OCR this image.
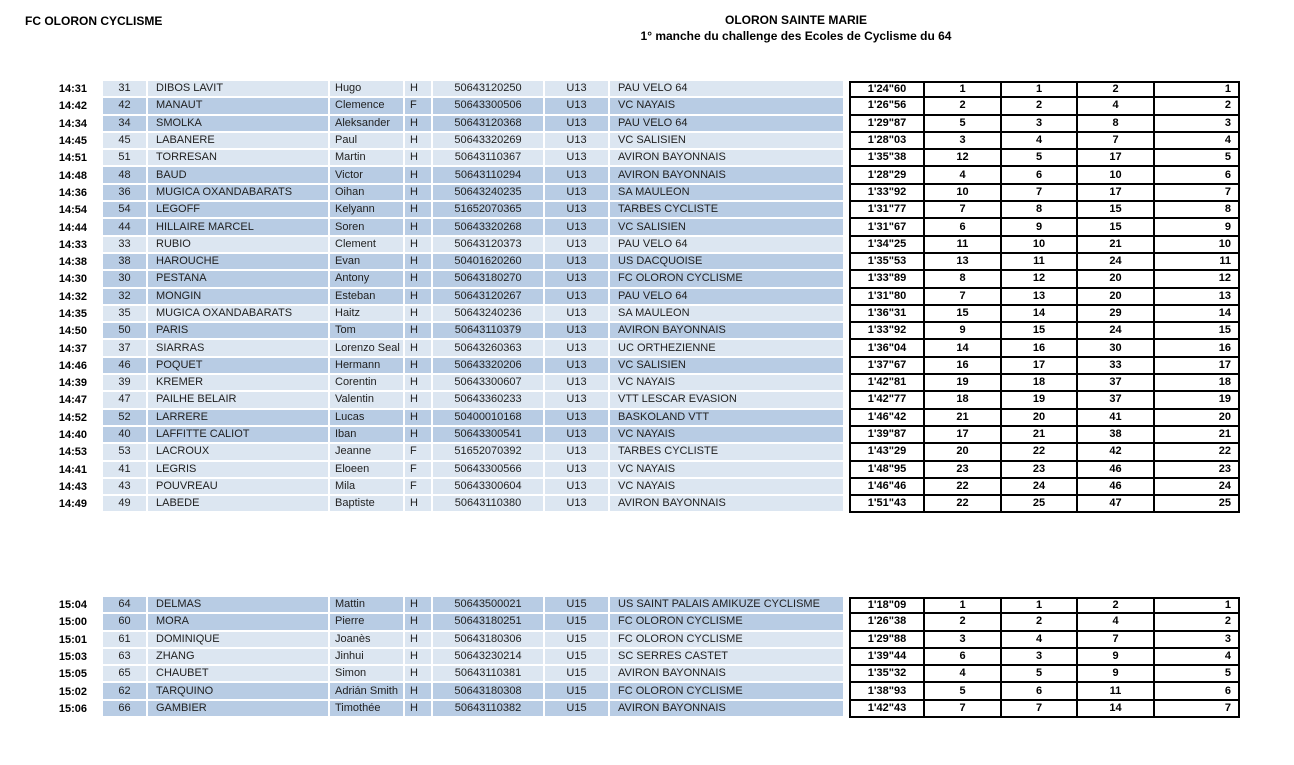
FC OLORON CYCLISME	OLORON SAINTE MARIE
1° manche du challenge des Ecoles de Cyclisme du 64
14:31	31	DIBOS LAVIT	Hugo	H	50643120250	U13	PAU VELO 64	1'24"60	1	1	2	1
14:42	42	MANAUT	Clemence	F	50643300506	U13	VC NAYAIS	1'26"56	2	2	4	2
14:34	34	SMOLKA	Aleksander	H	50643120368	U13	PAU VELO 64	1'29"87	5	3	8	3
14:45	45	LABANERE	Paul	H	50643320269	U13	VC SALISIEN	1'28"03	3	4	7	4
14:51	51	TORRESAN	Martin	H	50643110367	U13	AVIRON BAYONNAIS	1'35"38	12	5	17	5
14:48	48	BAUD	Victor	H	50643110294	U13	AVIRON BAYONNAIS	1'28"29	4	6	10	6
14:36	36	MUGICA OXANDABARATS	Oihan	H	50643240235	U13	SA MAULEON	1'33"92	10	7	17	7
14:54	54	LEGOFF	Kelyann	H	51652070365	U13	TARBES CYCLISTE	1'31"77	7	8	15	8
14:44	44	HILLAIRE MARCEL	Soren	H	50643320268	U13	VC SALISIEN	1'31"67	6	9	15	9
14:33	33	RUBIO	Clement	H	50643120373	U13	PAU VELO 64	1'34"25	11	10	21	10
14:38	38	HAROUCHE	Evan	H	50401620260	U13	US DACQUOISE	1'35"53	13	11	24	11
14:30	30	PESTANA	Antony	H	50643180270	U13	FC OLORON CYCLISME	1'33"89	8	12	20	12
14:32	32	MONGIN	Esteban	H	50643120267	U13	PAU VELO 64	1'31"80	7	13	20	13
14:35	35	MUGICA OXANDABARATS	Haitz	H	50643240236	U13	SA MAULEON	1'36"31	15	14	29	14
14:50	50	PARIS	Tom	H	50643110379	U13	AVIRON BAYONNAIS	1'33"92	9	15	24	15
14:37	37	SIARRAS	Lorenzo Seal H	50643260363	U13	UC ORTHEZIENNE	1'36"04	14	16	30	16
14:46	46	POQUET	Hermann	H	50643320206	U13	VC SALISIEN	1'37"67	16	17	33	17
14:39	39	KREMER	Corentin	H	50643300607	U13	VC NAYAIS	1'42"81	19	18	37	18
14:47	47	PAILHE BELAIR	Valentin	H	50643360233	U13	VTT LESCAR EVASION	1'42"77	18	19	37	19
14:52	52	LARRERE	Lucas	H	50400010168	U13	BASKOLAND VTT	1'46"42	21	20	41	20
14:40	40	LAFFITTE CALIOT	Iban	H	50643300541	U13	VC NAYAIS	1'39"87	17	21	38	21
14:53	53	LACROUX	Jeanne	F	51652070392	U13	TARBES CYCLISTE	1'43"29	20	22	42	22
14:41	41	LEGRIS	Eloeen	F	50643300566	U13	VC NAYAIS	1'48"95	23	23	46	23
14:43	43	POUVREAU	Mila	F	50643300604	U13	VC NAYAIS	1'46"46	22	24	46	24
14:49	49	LABEDE	Baptiste	H	50643110380	U13	AVIRON BAYONNAIS	1'51"43	22	25	47	25
15:04	64	DELMAS	Mattin	H	50643500021	U15	US SAINT PALAIS AMIKUZE CYCLISME	1'18"09	1	1	2	1
15:00	60	MORA	Pierre	H	50643180251	U15	FC OLORON CYCLISME	1'26"38	2	2	4	2
15:01	61	DOMINIQUE	Joanès	H	50643180306	U15	FC OLORON CYCLISME	1'29"88	3	4	7	3
15:03	63	ZHANG	Jinhui	H	50643230214	U15	SC SERRES CASTET	1'39"44	6	3	9	4
15:05	65	CHAUBET	Simon	H	50643110381	U15	AVIRON BAYONNAIS	1'35"32	4	5	9	5
15:02	62	TARQUINO	Adrián Smith	H	50643180308	U15	FC OLORON CYCLISME	1'38"93	5	6	11	6
15:06	66	GAMBIER	Timothée	H	50643110382	U15	AVIRON BAYONNAIS	1'42"43	7	7	14	7
